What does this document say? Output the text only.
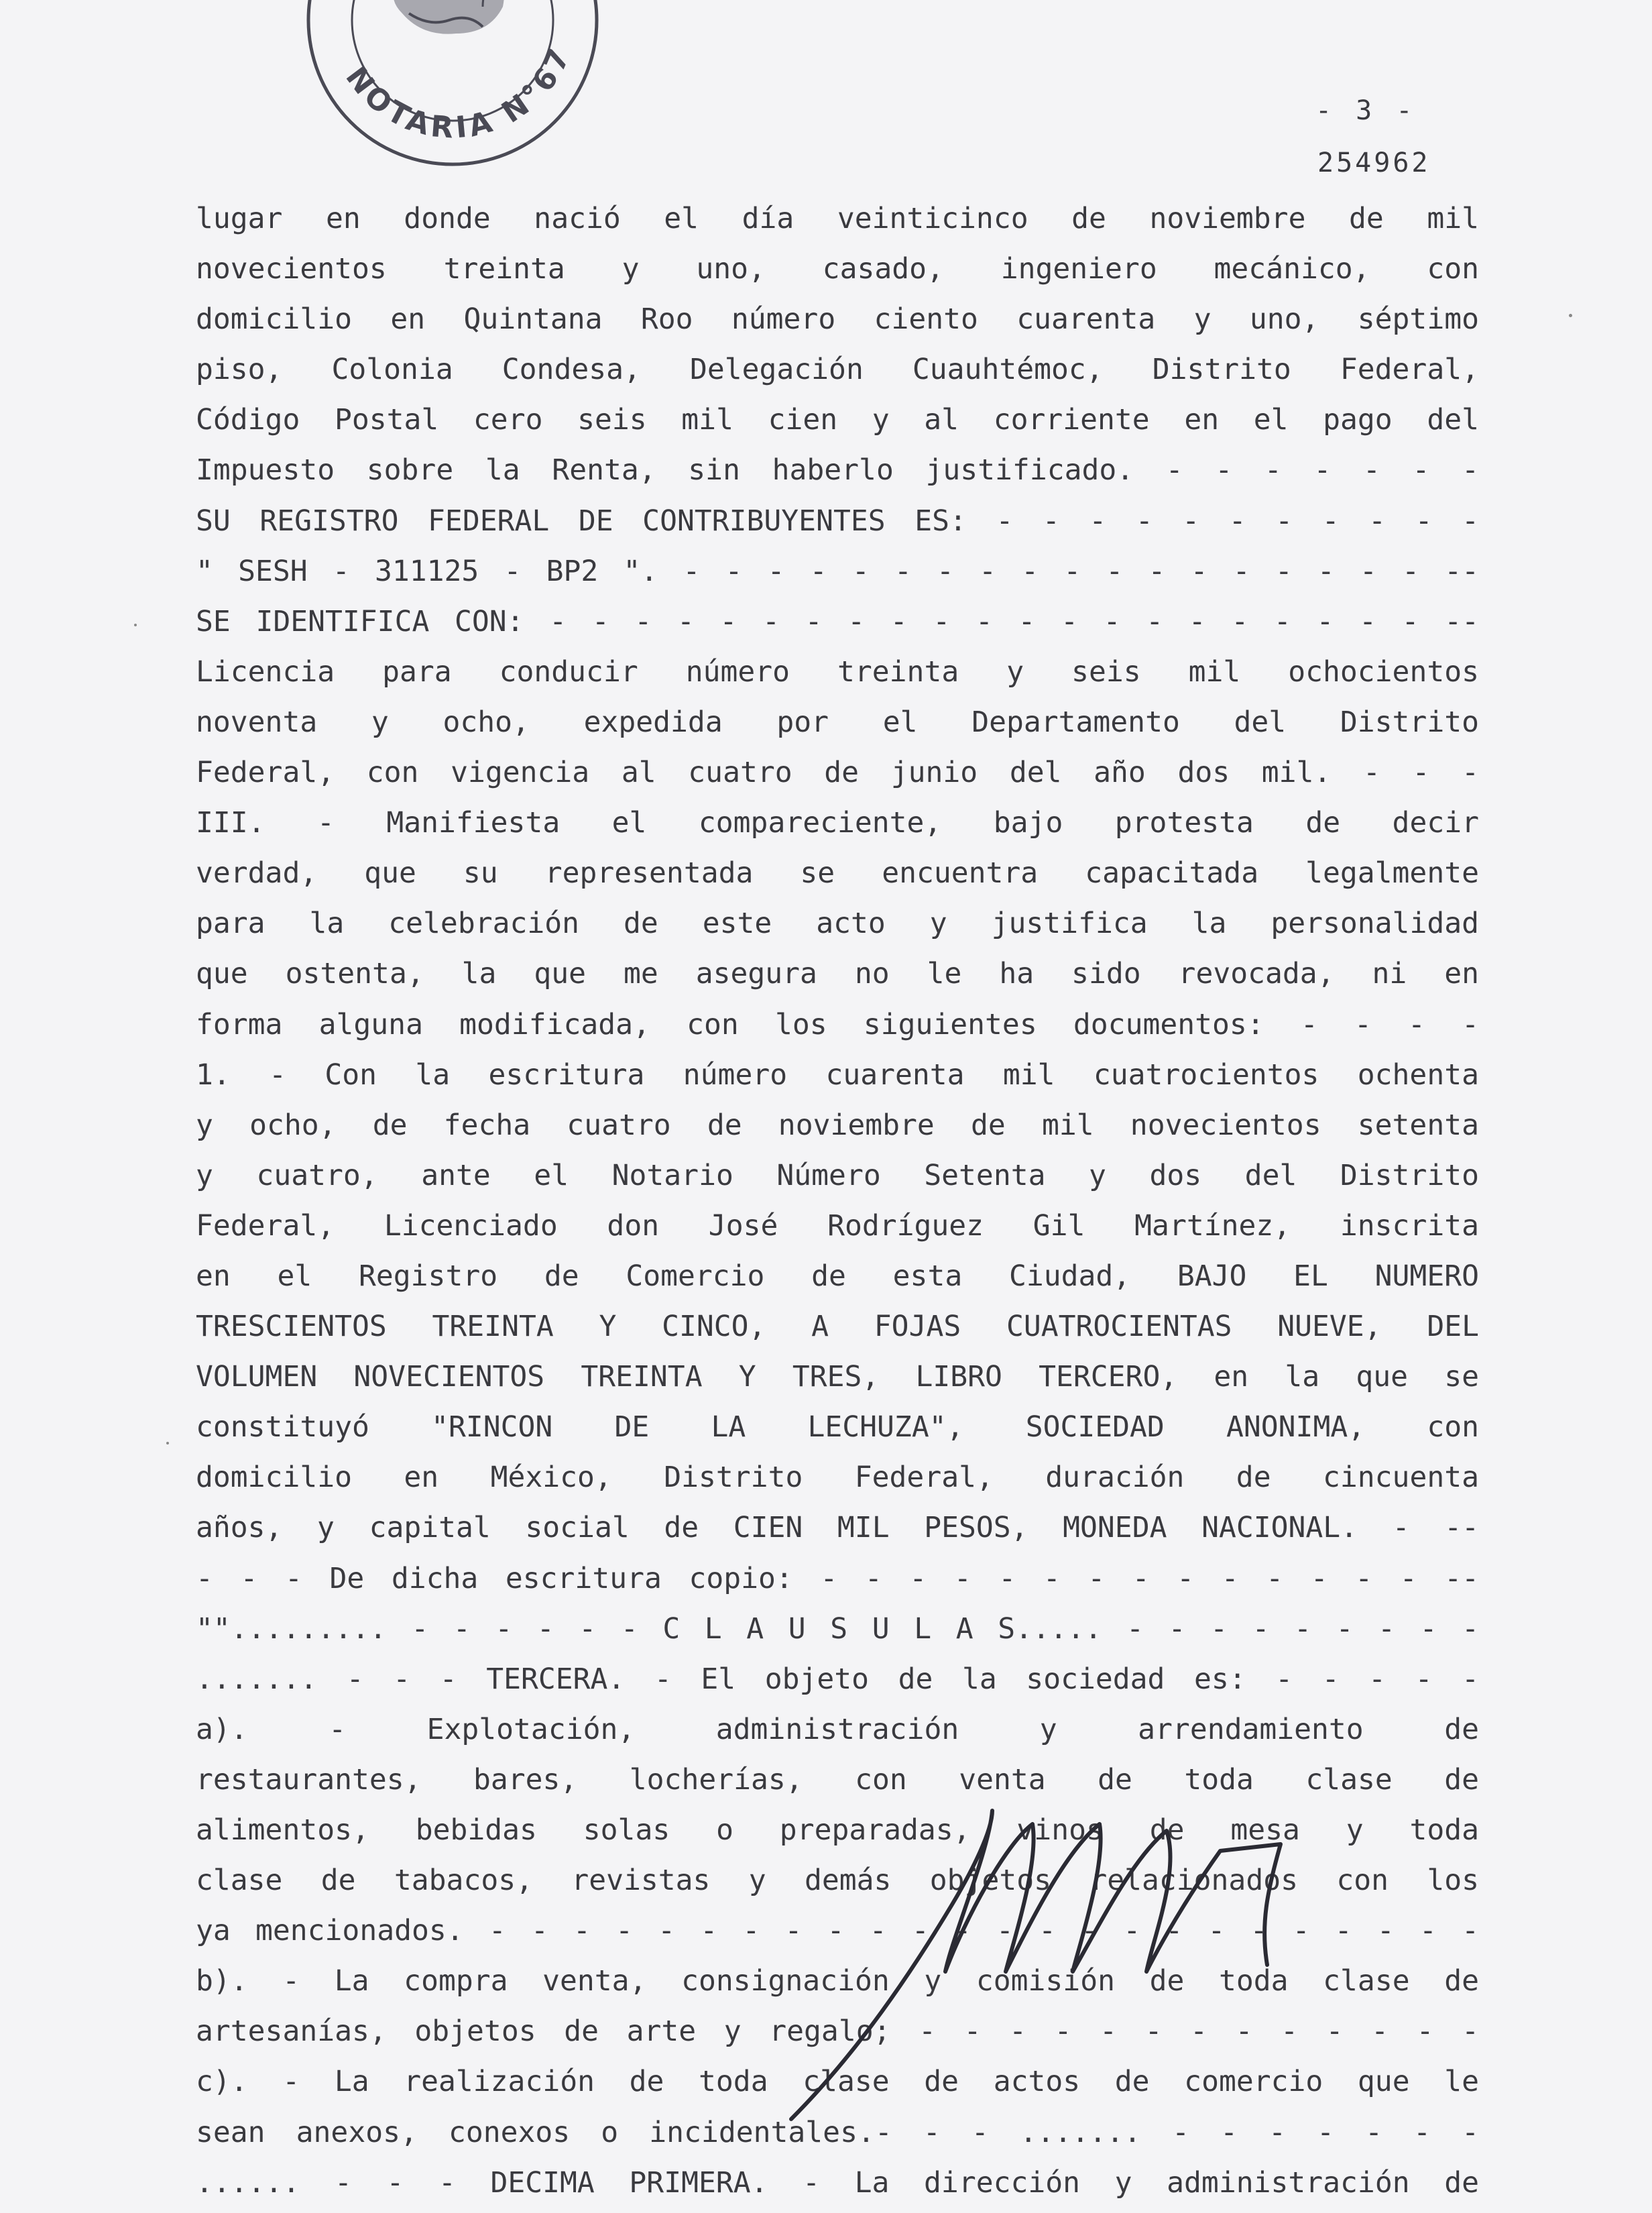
NOTARIA N°67
- 3 -
254962
lugar en donde nació el día veinticinco de noviembre de mil
novecientos treinta y uno, casado, ingeniero mecánico, con
domicilio en Quintana Roo número ciento cuarenta y uno, séptimo
piso, Colonia Condesa, Delegación Cuauhtémoc, Distrito Federal,
Código Postal cero seis mil cien y al corriente en el pago del
Impuesto sobre la Renta, sin haberlo justificado. - - - - - - -
SU REGISTRO FEDERAL DE CONTRIBUYENTES ES: - - - - - - - - - - -
" SESH - 311125 - BP2 ". - - - - - - - - - - - - - - - - - - --
SE IDENTIFICA CON: - - - - - - - - - - - - - - - - - - - - - --
Licencia para conducir número treinta y seis mil ochocientos
noventa y ocho, expedida por el Departamento del Distrito
Federal, con vigencia al cuatro de junio del año dos mil. - - -
III. - Manifiesta el compareciente, bajo protesta de decir
verdad, que su representada se encuentra capacitada legalmente
para la celebración de este acto y justifica la personalidad
que ostenta, la que me asegura no le ha sido revocada, ni en
forma alguna modificada, con los siguientes documentos: - - - -
1. - Con la escritura número cuarenta mil cuatrocientos ochenta
y ocho, de fecha cuatro de noviembre de mil novecientos setenta
y cuatro, ante el Notario Número Setenta y dos del Distrito
Federal, Licenciado don José Rodríguez Gil Martínez, inscrita
en el Registro de Comercio de esta Ciudad, BAJO EL NUMERO
TRESCIENTOS TREINTA Y CINCO, A FOJAS CUATROCIENTAS NUEVE, DEL
VOLUMEN NOVECIENTOS TREINTA Y TRES, LIBRO TERCERO, en la que se
constituyó "RINCON DE LA LECHUZA", SOCIEDAD ANONIMA, con
domicilio en México, Distrito Federal, duración de cincuenta
años, y capital social de CIEN MIL PESOS, MONEDA NACIONAL. - --
- - - De dicha escritura copio: - - - - - - - - - - - - - - --
""......... - - - - - - C L A U S U L A S..... - - - - - - - - -
....... - - - TERCERA. - El objeto de la sociedad es: - - - - -
a). - Explotación, administración y arrendamiento de
restaurantes, bares, locherías, con venta de toda clase de
alimentos, bebidas solas o preparadas, vinos de mesa y toda
clase de tabacos, revistas y demás objetos relacionados con los
ya mencionados. - - - - - - - - - - - - - - - - - - - - - - - -
b). - La compra venta, consignación y comisión de toda clase de
artesanías, objetos de arte y regalo; - - - - - - - - - - - - -
c). - La realización de toda clase de actos de comercio que le
sean anexos, conexos o incidentales.- - - ....... - - - - - - -
...... - - - DECIMA PRIMERA. - La dirección y administración de
